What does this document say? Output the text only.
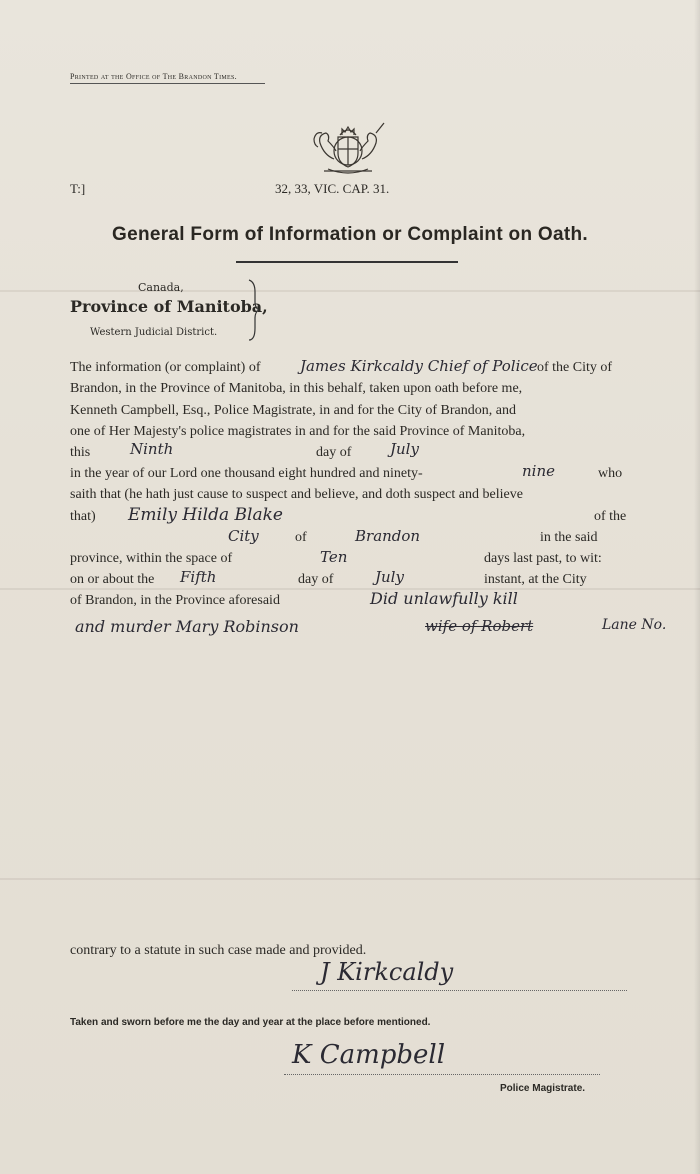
Printed at the Office of The Brandon Times.
T:]	32, 33, VIC. CAP. 31.
General Form of Information or Complaint on Oath.
Canada,
Province of Manitoba,
Western Judicial District.
The information (or complaint) of	James Kirkcaldy Chief of Police of the City of
Brandon, in the Province of Manitoba, in this behalf, taken upon oath before me,
Kenneth Campbell, Esq., Police Magistrate, in and for the City of Brandon, and
one of Her Majesty's police magistrates in and for the said Province of Manitoba,
this	Ninth	day of	July
in the year of our Lord one thousand eight hundred and ninety-	nine	who
saith that (he hath just cause to suspect and believe, and doth suspect and believe
that) Emily Hilda Blake	of the
City	of	Brandon	in the said
province, within the space of	Ten	days last past, to wit:
on or about the Fifth	day of	July	instant, at the City
of Brandon, in the Province aforesaid	Did unlawfully kill
and murder Mary Robinson	wife of Robert	Lane No.
contrary to a statute in such case made and provided.
J Kirkcaldy
Taken and sworn before me the day and year at the place before mentioned.
K Campbell
Police Magistrate.
